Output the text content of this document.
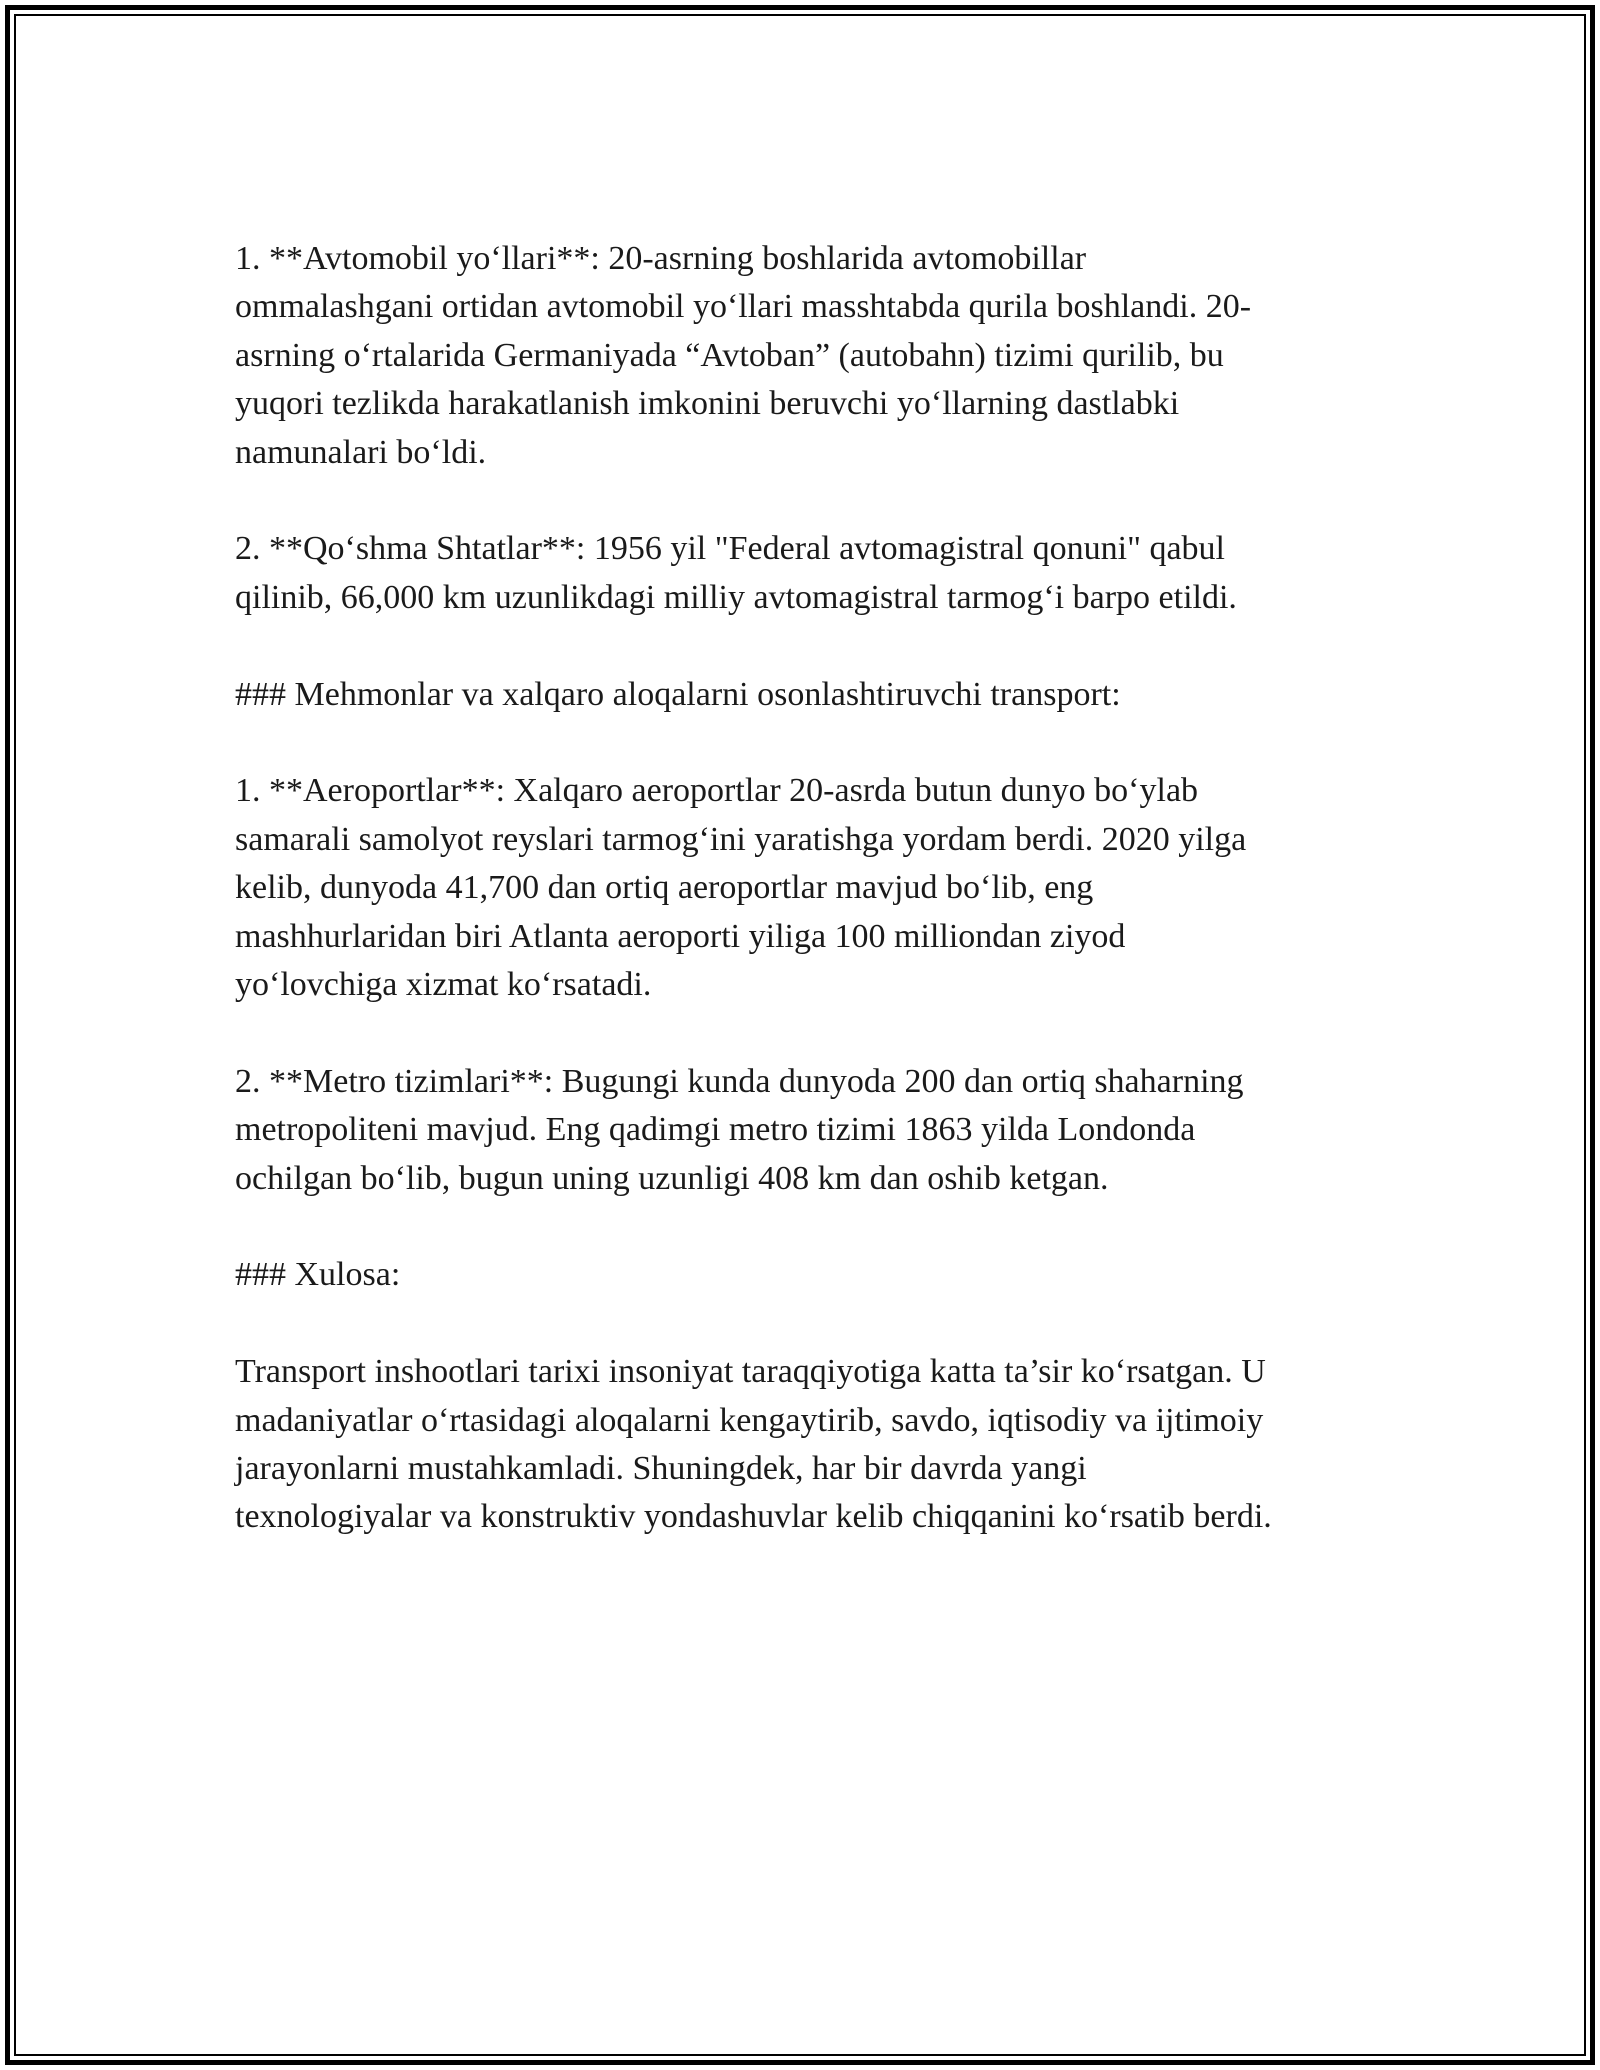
1. **Avtomobil yo‘llari**: 20-asrning boshlarida avtomobillar
ommalashgani ortidan avtomobil yo‘llari masshtabda qurila boshlandi. 20-
asrning o‘rtalarida Germaniyada “Avtoban” (autobahn) tizimi qurilib, bu
yuqori tezlikda harakatlanish imkonini beruvchi yo‘llarning dastlabki
namunalari bo‘ldi.

2. **Qo‘shma Shtatlar**: 1956 yil "Federal avtomagistral qonuni" qabul
qilinib, 66,000 km uzunlikdagi milliy avtomagistral tarmog‘i barpo etildi.

### Mehmonlar va xalqaro aloqalarni osonlashtiruvchi transport:

1. **Aeroportlar**: Xalqaro aeroportlar 20-asrda butun dunyo bo‘ylab
samarali samolyot reyslari tarmog‘ini yaratishga yordam berdi. 2020 yilga
kelib, dunyoda 41,700 dan ortiq aeroportlar mavjud bo‘lib, eng
mashhurlaridan biri Atlanta aeroporti yiliga 100 milliondan ziyod
yo‘lovchiga xizmat ko‘rsatadi.

2. **Metro tizimlari**: Bugungi kunda dunyoda 200 dan ortiq shaharning
metropoliteni mavjud. Eng qadimgi metro tizimi 1863 yilda Londonda
ochilgan bo‘lib, bugun uning uzunligi 408 km dan oshib ketgan.

### Xulosa:

Transport inshootlari tarixi insoniyat taraqqiyotiga katta ta’sir ko‘rsatgan. U
madaniyatlar o‘rtasidagi aloqalarni kengaytirib, savdo, iqtisodiy va ijtimoiy
jarayonlarni mustahkamladi. Shuningdek, har bir davrda yangi
texnologiyalar va konstruktiv yondashuvlar kelib chiqqanini ko‘rsatib berdi.
